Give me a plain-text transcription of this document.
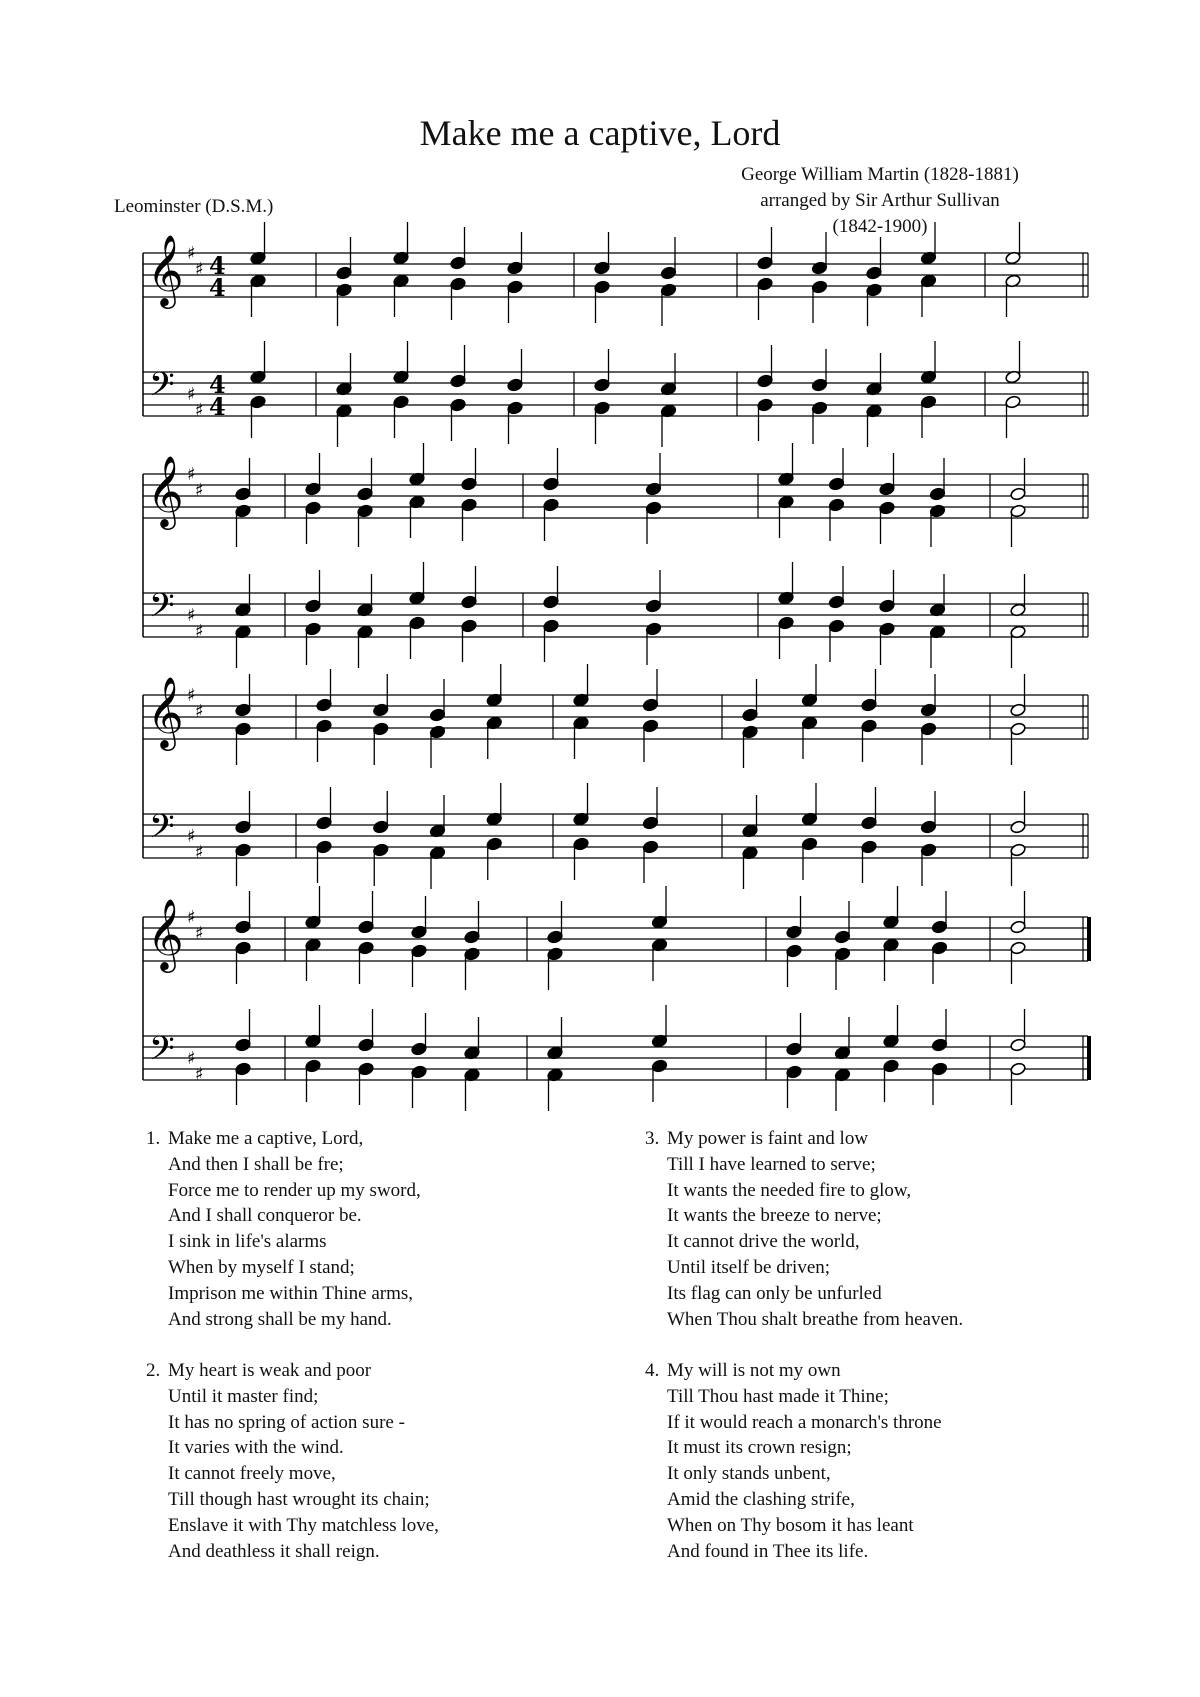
Make me a captive, Lord
Leominster (D.S.M.)
George William Martin (1828-1881)
arranged by Sir Arthur Sullivan
(1842-1900)
𝄞
𝄢
♯
♯
♯
♯
4
4
4
4
𝄞
𝄢
♯
♯
♯
♯
𝄞
𝄢
♯
♯
♯
♯
𝄞
𝄢
♯
♯
♯
♯
1. Make me a captive, Lord,
And then I shall be fre;
Force me to render up my sword,
And I shall conqueror be.
I sink in life's alarms
When by myself I stand;
Imprison me within Thine arms,
And strong shall be my hand.
2. My heart is weak and poor
Until it master find;
It has no spring of action sure -
It varies with the wind.
It cannot freely move,
Till though hast wrought its chain;
Enslave it with Thy matchless love,
And deathless it shall reign.
3. My power is faint and low
Till I have learned to serve;
It wants the needed fire to glow,
It wants the breeze to nerve;
It cannot drive the world,
Until itself be driven;
Its flag can only be unfurled
When Thou shalt breathe from heaven.
4. My will is not my own
Till Thou hast made it Thine;
If it would reach a monarch's throne
It must its crown resign;
It only stands unbent,
Amid the clashing strife,
When on Thy bosom it has leant
And found in Thee its life.
